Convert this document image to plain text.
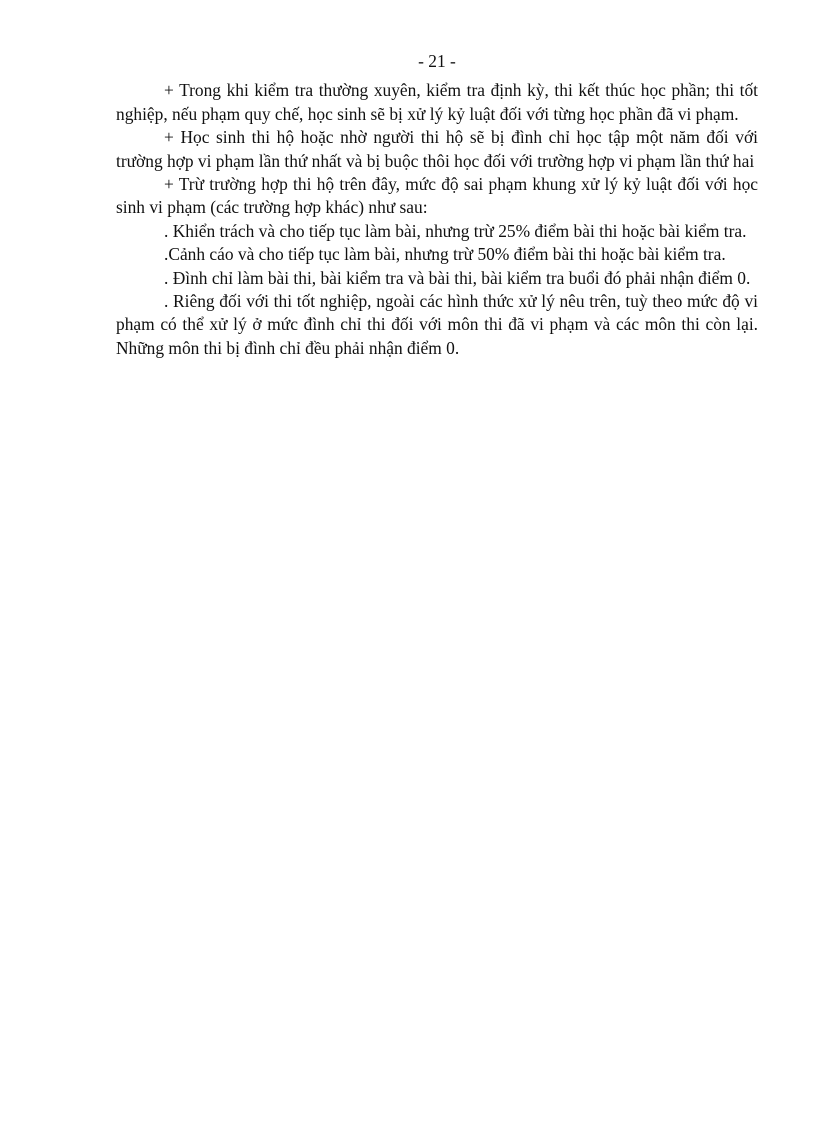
- 21 -

+ Trong khi kiểm tra thường xuyên, kiểm tra định kỳ, thi kết thúc học phần; thi tốt nghiệp, nếu phạm quy chế, học sinh sẽ bị xử lý kỷ luật đối với từng học phần đã vi phạm.

+ Học sinh thi hộ hoặc nhờ người thi hộ sẽ bị đình chỉ học tập một năm đối với trường hợp vi phạm lần thứ nhất và bị buộc thôi học đối với trường hợp vi phạm lần thứ hai

+ Trừ trường hợp thi hộ trên đây, mức độ sai phạm khung xử lý kỷ luật đối với học sinh vi phạm (các trường hợp khác) như sau:

. Khiển trách và cho tiếp tục làm bài, nhưng trừ 25% điểm bài thi hoặc bài kiểm tra.

.Cảnh cáo và cho tiếp tục làm bài, nhưng trừ 50% điểm bài thi hoặc bài kiểm tra.

. Đình chỉ làm bài thi, bài kiểm tra và bài thi, bài kiểm tra buổi đó phải nhận điểm 0.

. Riêng đối với thi tốt nghiệp, ngoài các hình thức xử lý nêu trên, tuỳ theo mức độ vi phạm có thể xử lý ở mức đình chỉ thi đối với môn thi đã vi phạm và các môn thi còn lại. Những môn thi bị đình chỉ đều phải nhận điểm 0.
